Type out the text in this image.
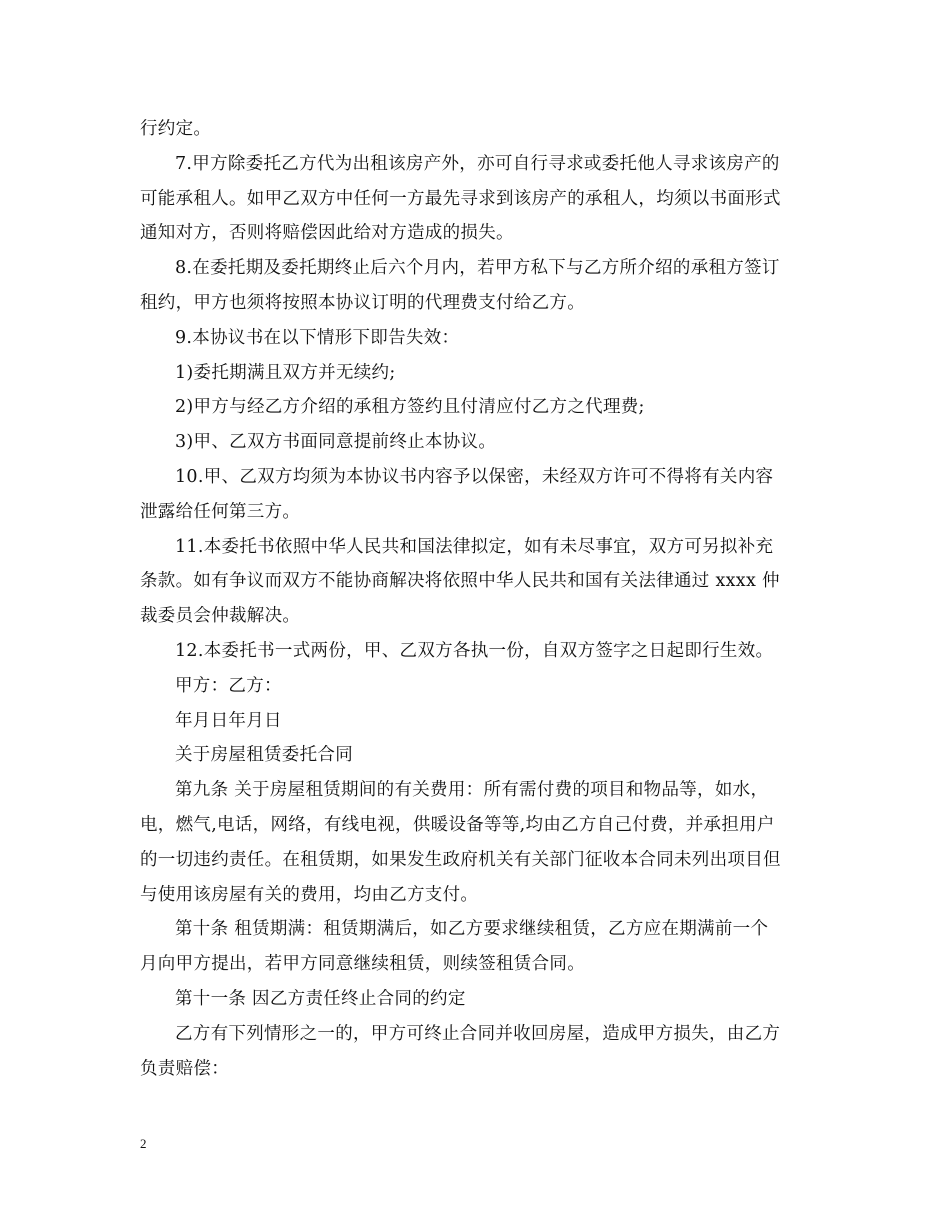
行约定。

7.甲方除委托乙方代为出租该房产外，亦可自行寻求或委托他人寻求该房产的

可能承租人。如甲乙双方中任何一方最先寻求到该房产的承租人，均须以书面形式

通知对方，否则将赔偿因此给对方造成的损失。

8.在委托期及委托期终止后六个月内，若甲方私下与乙方所介绍的承租方签订

租约，甲方也须将按照本协议订明的代理费支付给乙方。

9.本协议书在以下情形下即告失效：

1)委托期满且双方并无续约;

2)甲方与经乙方介绍的承租方签约且付清应付乙方之代理费;

3)甲、乙双方书面同意提前终止本协议。

10.甲、乙双方均须为本协议书内容予以保密，未经双方许可不得将有关内容

泄露给任何第三方。

11.本委托书依照中华人民共和国法律拟定，如有未尽事宜，双方可另拟补充

条款。如有争议而双方不能协商解决将依照中华人民共和国有关法律通过 xxxx 仲

裁委员会仲裁解决。

12.本委托书一式两份，甲、乙双方各执一份，自双方签字之日起即行生效。

甲方：乙方：

年月日年月日

关于房屋租赁委托合同

第九条 关于房屋租赁期间的有关费用：所有需付费的项目和物品等，如水，

电，燃气,电话，网络，有线电视，供暖设备等等,均由乙方自己付费，并承担用户

的一切违约责任。在租赁期，如果发生政府机关有关部门征收本合同未列出项目但

与使用该房屋有关的费用，均由乙方支付。

第十条 租赁期满：租赁期满后，如乙方要求继续租赁，乙方应在期满前一个

月向甲方提出，若甲方同意继续租赁，则续签租赁合同。

第十一条 因乙方责任终止合同的约定

乙方有下列情形之一的，甲方可终止合同并收回房屋，造成甲方损失，由乙方

负责赔偿：

2
